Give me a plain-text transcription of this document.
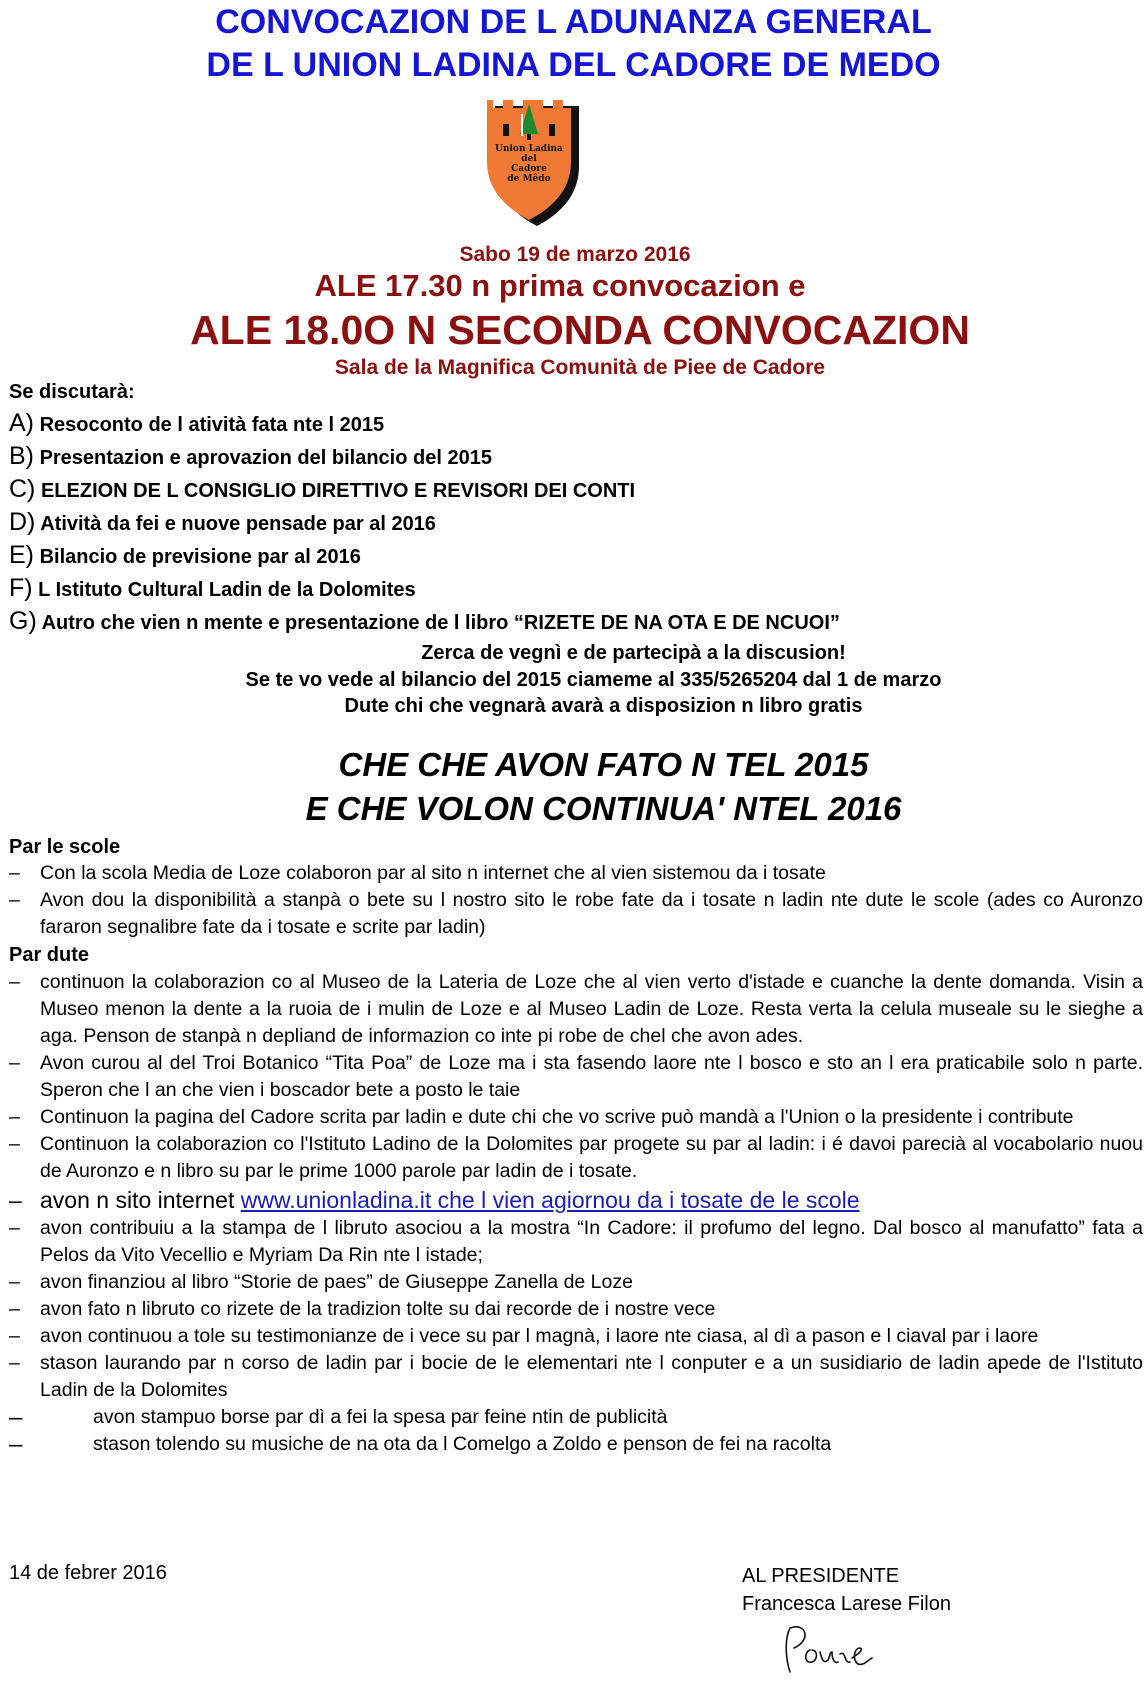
CONVOCAZION DE L ADUNANZA GENERAL
DE L UNION LADINA DEL CADORE DE MEDO
Union Ladina
del
Cadore
de Mêdo
Sabo 19 de marzo 2016
ALE 17.30 n prima convocazion e
ALE 18.0O N SECONDA CONVOCAZION
Sala de la Magnifica Comunità de Piee de Cadore
Se discutarà:
A) Resoconto de l atività fata nte l 2015
B) Presentazion e aprovazion del bilancio del 2015
C) ELEZION DE L CONSIGLIO DIRETTIVO E REVISORI DEI CONTI
D) Atività da fei e nuove pensade par al 2016
E) Bilancio de previsione par al 2016
F) L Istituto Cultural Ladin de la Dolomites
G) Autro che vien n mente e presentazione de l libro “RIZETE DE NA OTA E DE NCUOI”
Zerca de vegnì e de partecipà a la discusion!
Se te vo vede al bilancio del 2015 ciameme al 335/5265204 dal 1 de marzo
Dute chi che vegnarà avarà a disposizion n libro gratis
CHE CHE AVON FATO N TEL 2015
E CHE VOLON CONTINUA' NTEL 2016
Par le scole
–	Con la scola Media de Loze colaboron par al sito n internet che al vien sistemou da i tosate
–	Avon dou la disponibilità a stanpà o bete su l nostro sito le robe fate da i tosate n ladin nte dute le scole (ades co Auronzo fararon segnalibre fate da i tosate e scrite par ladin)
Par dute
–	continuon la colaborazion co al Museo de la Lateria de Loze che al vien verto d'istade e cuanche la dente domanda. Visin a Museo menon la dente a la ruoia de i mulin de Loze e al Museo Ladin de Loze. Resta verta la celula museale su le sieghe a aga. Penson de stanpà n depliand de informazion co inte pi robe de chel che avon ades.
–	Avon curou al del Troi Botanico “Tita Poa” de Loze ma i sta fasendo laore nte l bosco e sto an l era praticabile solo n parte. Speron che l an che vien i boscador bete a posto le taie
–	Continuon la pagina del Cadore scrita par ladin e dute chi che vo scrive può mandà a l'Union o la presidente i contribute
–	Continuon la colaborazion co l'Istituto Ladino de la Dolomites par progete su par al ladin: i é davoi parecià al vocabolario nuou de Auronzo e n libro su par le prime 1000 parole par ladin de i tosate.
– avon n sito internet www.unionladina.it che l vien agiornou da i tosate de le scole
–	avon contribuiu a la stampa de l libruto asociou a la mostra “In Cadore: il profumo del legno. Dal bosco al manufatto” fata a Pelos da Vito Vecellio e Myriam Da Rin nte l istade;
–	avon finanziou al libro “Storie de paes” de Giuseppe Zanella de Loze
–	avon fato n libruto co rizete de la tradizion tolte su dai recorde de i nostre vece
–	avon continuou a tole su testimonianze de i vece su par l magnà, i laore nte ciasa, al dì a pason e l ciaval par i laore
–	stason laurando par n corso de ladin par i bocie de le elementari nte l conputer e a un susidiario de ladin apede de l'Istituto Ladin de la Dolomites
–	avon stampuo borse par dì a fei la spesa par feine ntin de publicità
–	stason tolendo su musiche de na ota da l Comelgo a Zoldo e penson de fei na racolta
14 de febrer 2016	AL PRESIDENTE
Francesca Larese Filon
